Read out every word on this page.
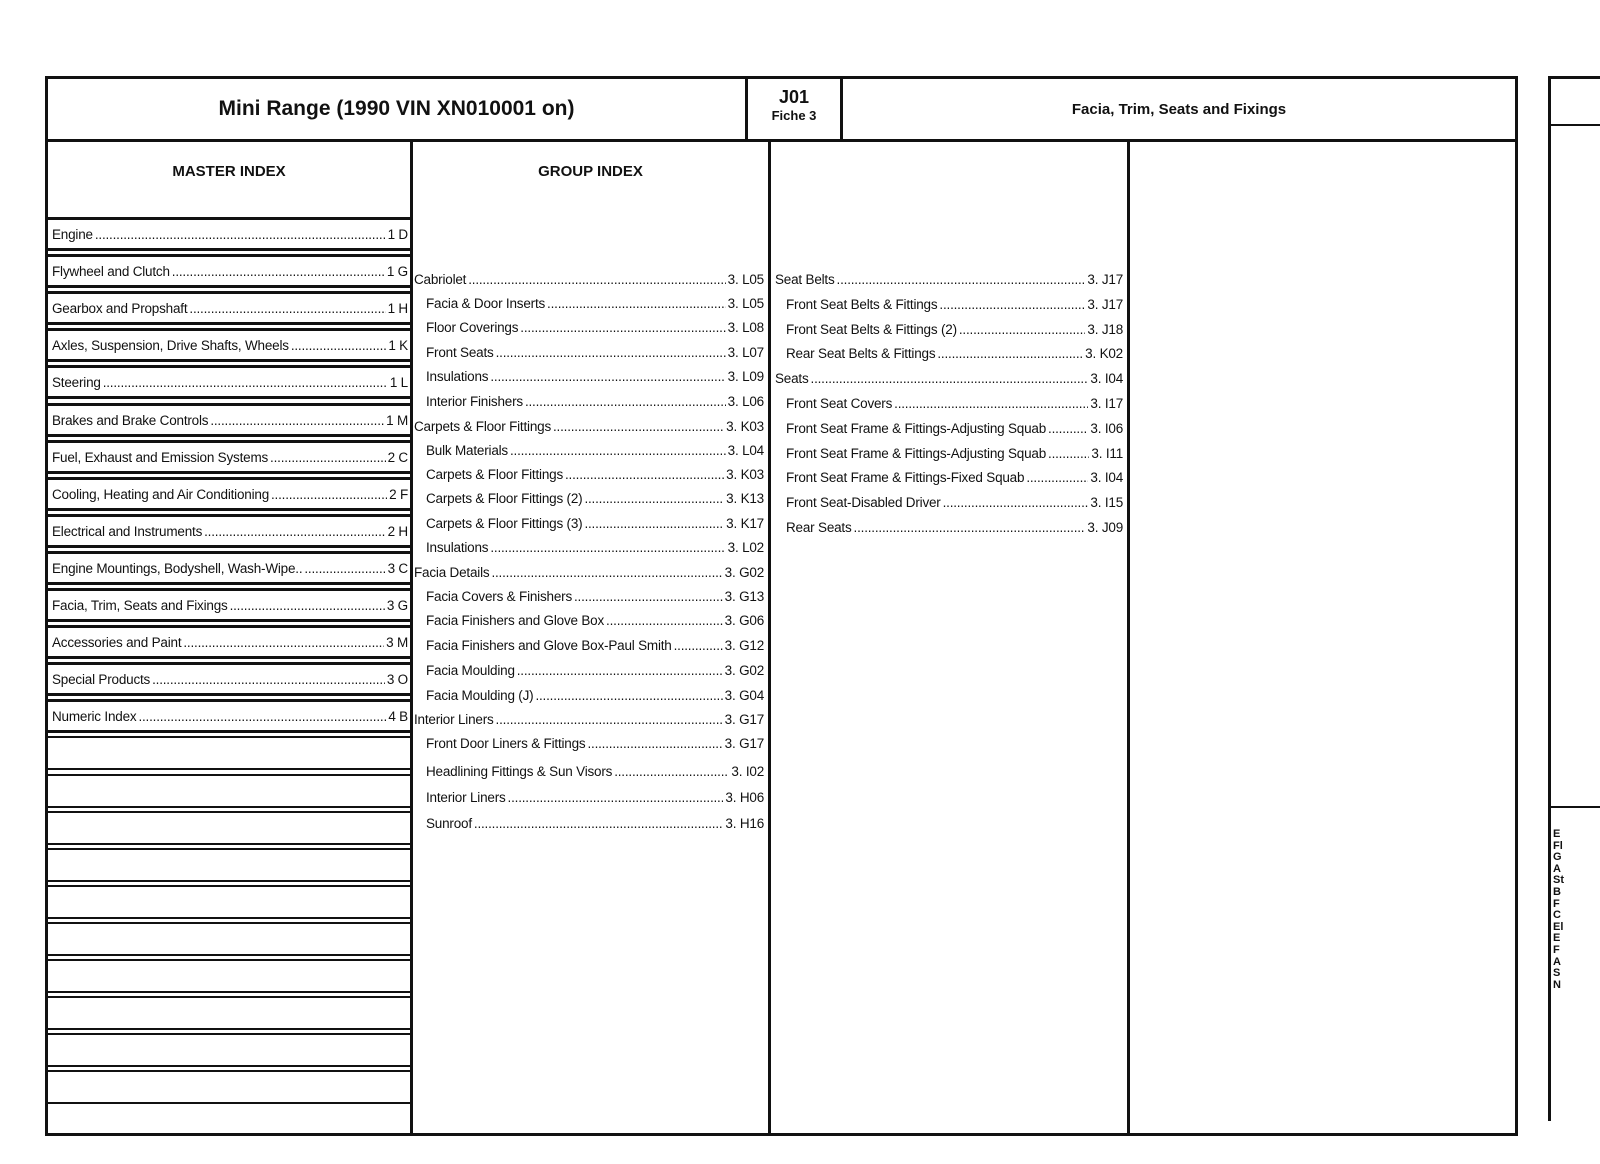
Mini Range (1990 VIN XN010001 on)	J01
Fiche 3	Facia, Trim, Seats and Fixings
MASTER INDEX	GROUP INDEX
Engine .....	1 D
Flywheel and Clutch .....	1 G
Gearbox and Propshaft .....	1 H
Axles, Suspension, Drive Shafts, Wheels .....	1 K
Steering .....	1 L
Brakes and Brake Controls .....	1 M
Fuel, Exhaust and Emission Systems .....	2 C
Cooling, Heating and Air Conditioning .....	2 F
Electrical and Instruments .....	2 H
Engine Mountings, Bodyshell, Wash-Wipe.. .....	3 C
Facia, Trim, Seats and Fixings .....	3 G
Accessories and Paint .....	3 M
Special Products .....	3 O
Numeric Index .....	4 B
Cabriolet .....	3. L05
Facia & Door Inserts .....	3. L05
Floor Coverings .....	3. L08
Front Seats .....	3. L07
Insulations .....	3. L09
Interior Finishers .....	3. L06
Carpets & Floor Fittings .....	3. K03
Bulk Materials .....	3. L04
Carpets & Floor Fittings .....	3. K03
Carpets & Floor Fittings (2) .....	3. K13
Carpets & Floor Fittings (3) .....	3. K17
Insulations .....	3. L02
Facia Details .....	3. G02
Facia Covers & Finishers .....	3. G13
Facia Finishers and Glove Box .....	3. G06
Facia Finishers and Glove Box-Paul Smith .....	3. G12
Facia Moulding .....	3. G02
Facia Moulding (J) .....	3. G04
Interior Liners .....	3. G17
Front Door Liners & Fittings .....	3. G17
Headlining Fittings & Sun Visors .....	3. I02
Interior Liners .....	3. H06
Sunroof .....	3. H16
Seat Belts .....	3. J17
Front Seat Belts & Fittings .....	3. J17
Front Seat Belts & Fittings (2) .....	3. J18
Rear Seat Belts & Fittings .....	3. K02
Seats .....	3. I04
Front Seat Covers .....	3. I17
Front Seat Frame & Fittings-Adjusting Squab .....	3. I06
Front Seat Frame & Fittings-Adjusting Squab .....	3. I11
Front Seat Frame & Fittings-Fixed Squab .....	3. I04
Front Seat-Disabled Driver .....	3. I15
Rear Seats .....	3. J09
E
Fl
G
A
St
B
F
C
El
E
F
A
S
N
